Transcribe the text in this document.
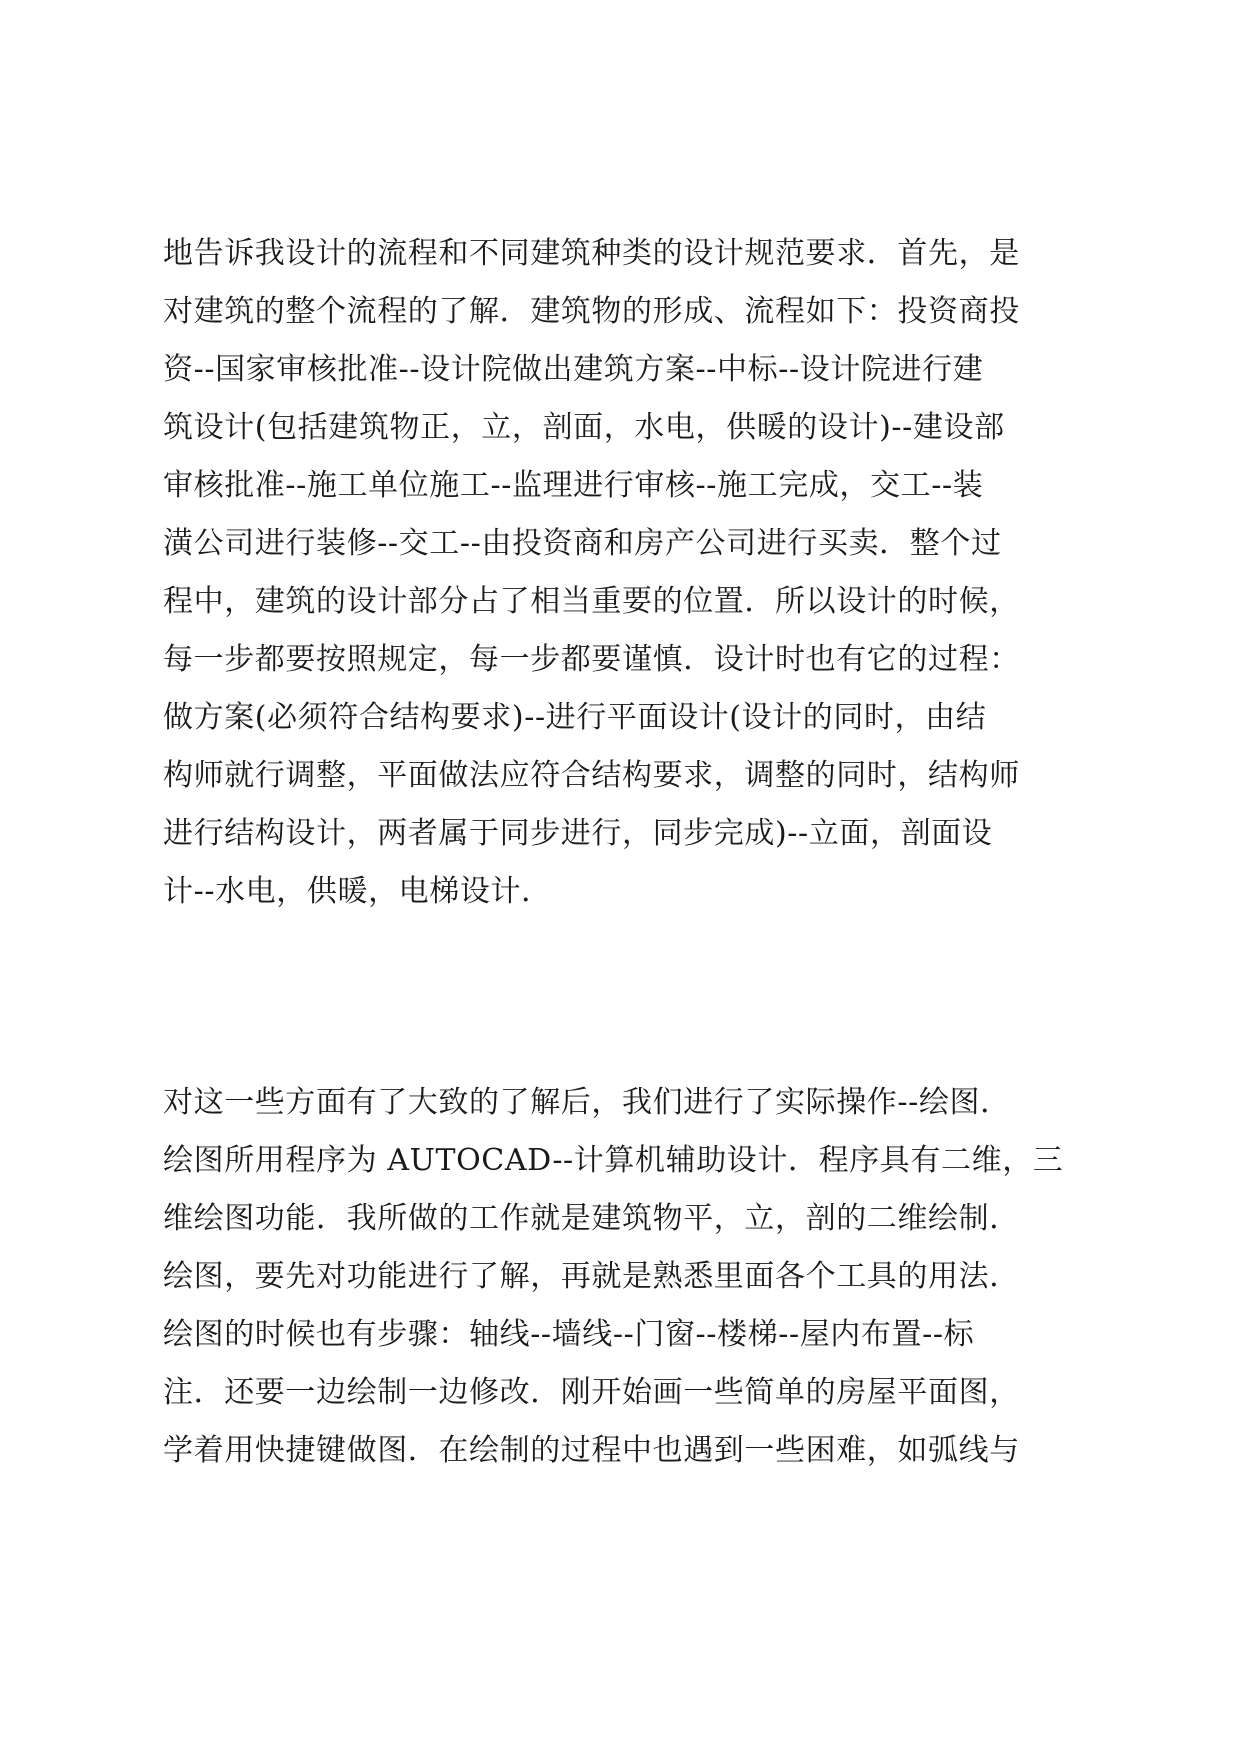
地告诉我设计的流程和不同建筑种类的设计规范要求．首先，是
对建筑的整个流程的了解．建筑物的形成、流程如下：投资商投
资--国家审核批准--设计院做出建筑方案--中标--设计院进行建
筑设计(包括建筑物正，立，剖面，水电，供暖的设计)--建设部
审核批准--施工单位施工--监理进行审核--施工完成，交工--装
潢公司进行装修--交工--由投资商和房产公司进行买卖．整个过
程中，建筑的设计部分占了相当重要的位置．所以设计的时候，
每一步都要按照规定，每一步都要谨慎．设计时也有它的过程：
做方案(必须符合结构要求)--进行平面设计(设计的同时，由结
构师就行调整，平面做法应符合结构要求，调整的同时，结构师
进行结构设计，两者属于同步进行，同步完成)--立面，剖面设
计--水电，供暖，电梯设计．
对这一些方面有了大致的了解后，我们进行了实际操作--绘图．
绘图所用程序为 AUTOCAD--计算机辅助设计．程序具有二维，三
维绘图功能．我所做的工作就是建筑物平，立，剖的二维绘制．
绘图，要先对功能进行了解，再就是熟悉里面各个工具的用法．
绘图的时候也有步骤：轴线--墙线--门窗--楼梯--屋内布置--标
注．还要一边绘制一边修改．刚开始画一些简单的房屋平面图，
学着用快捷键做图．在绘制的过程中也遇到一些困难，如弧线与
